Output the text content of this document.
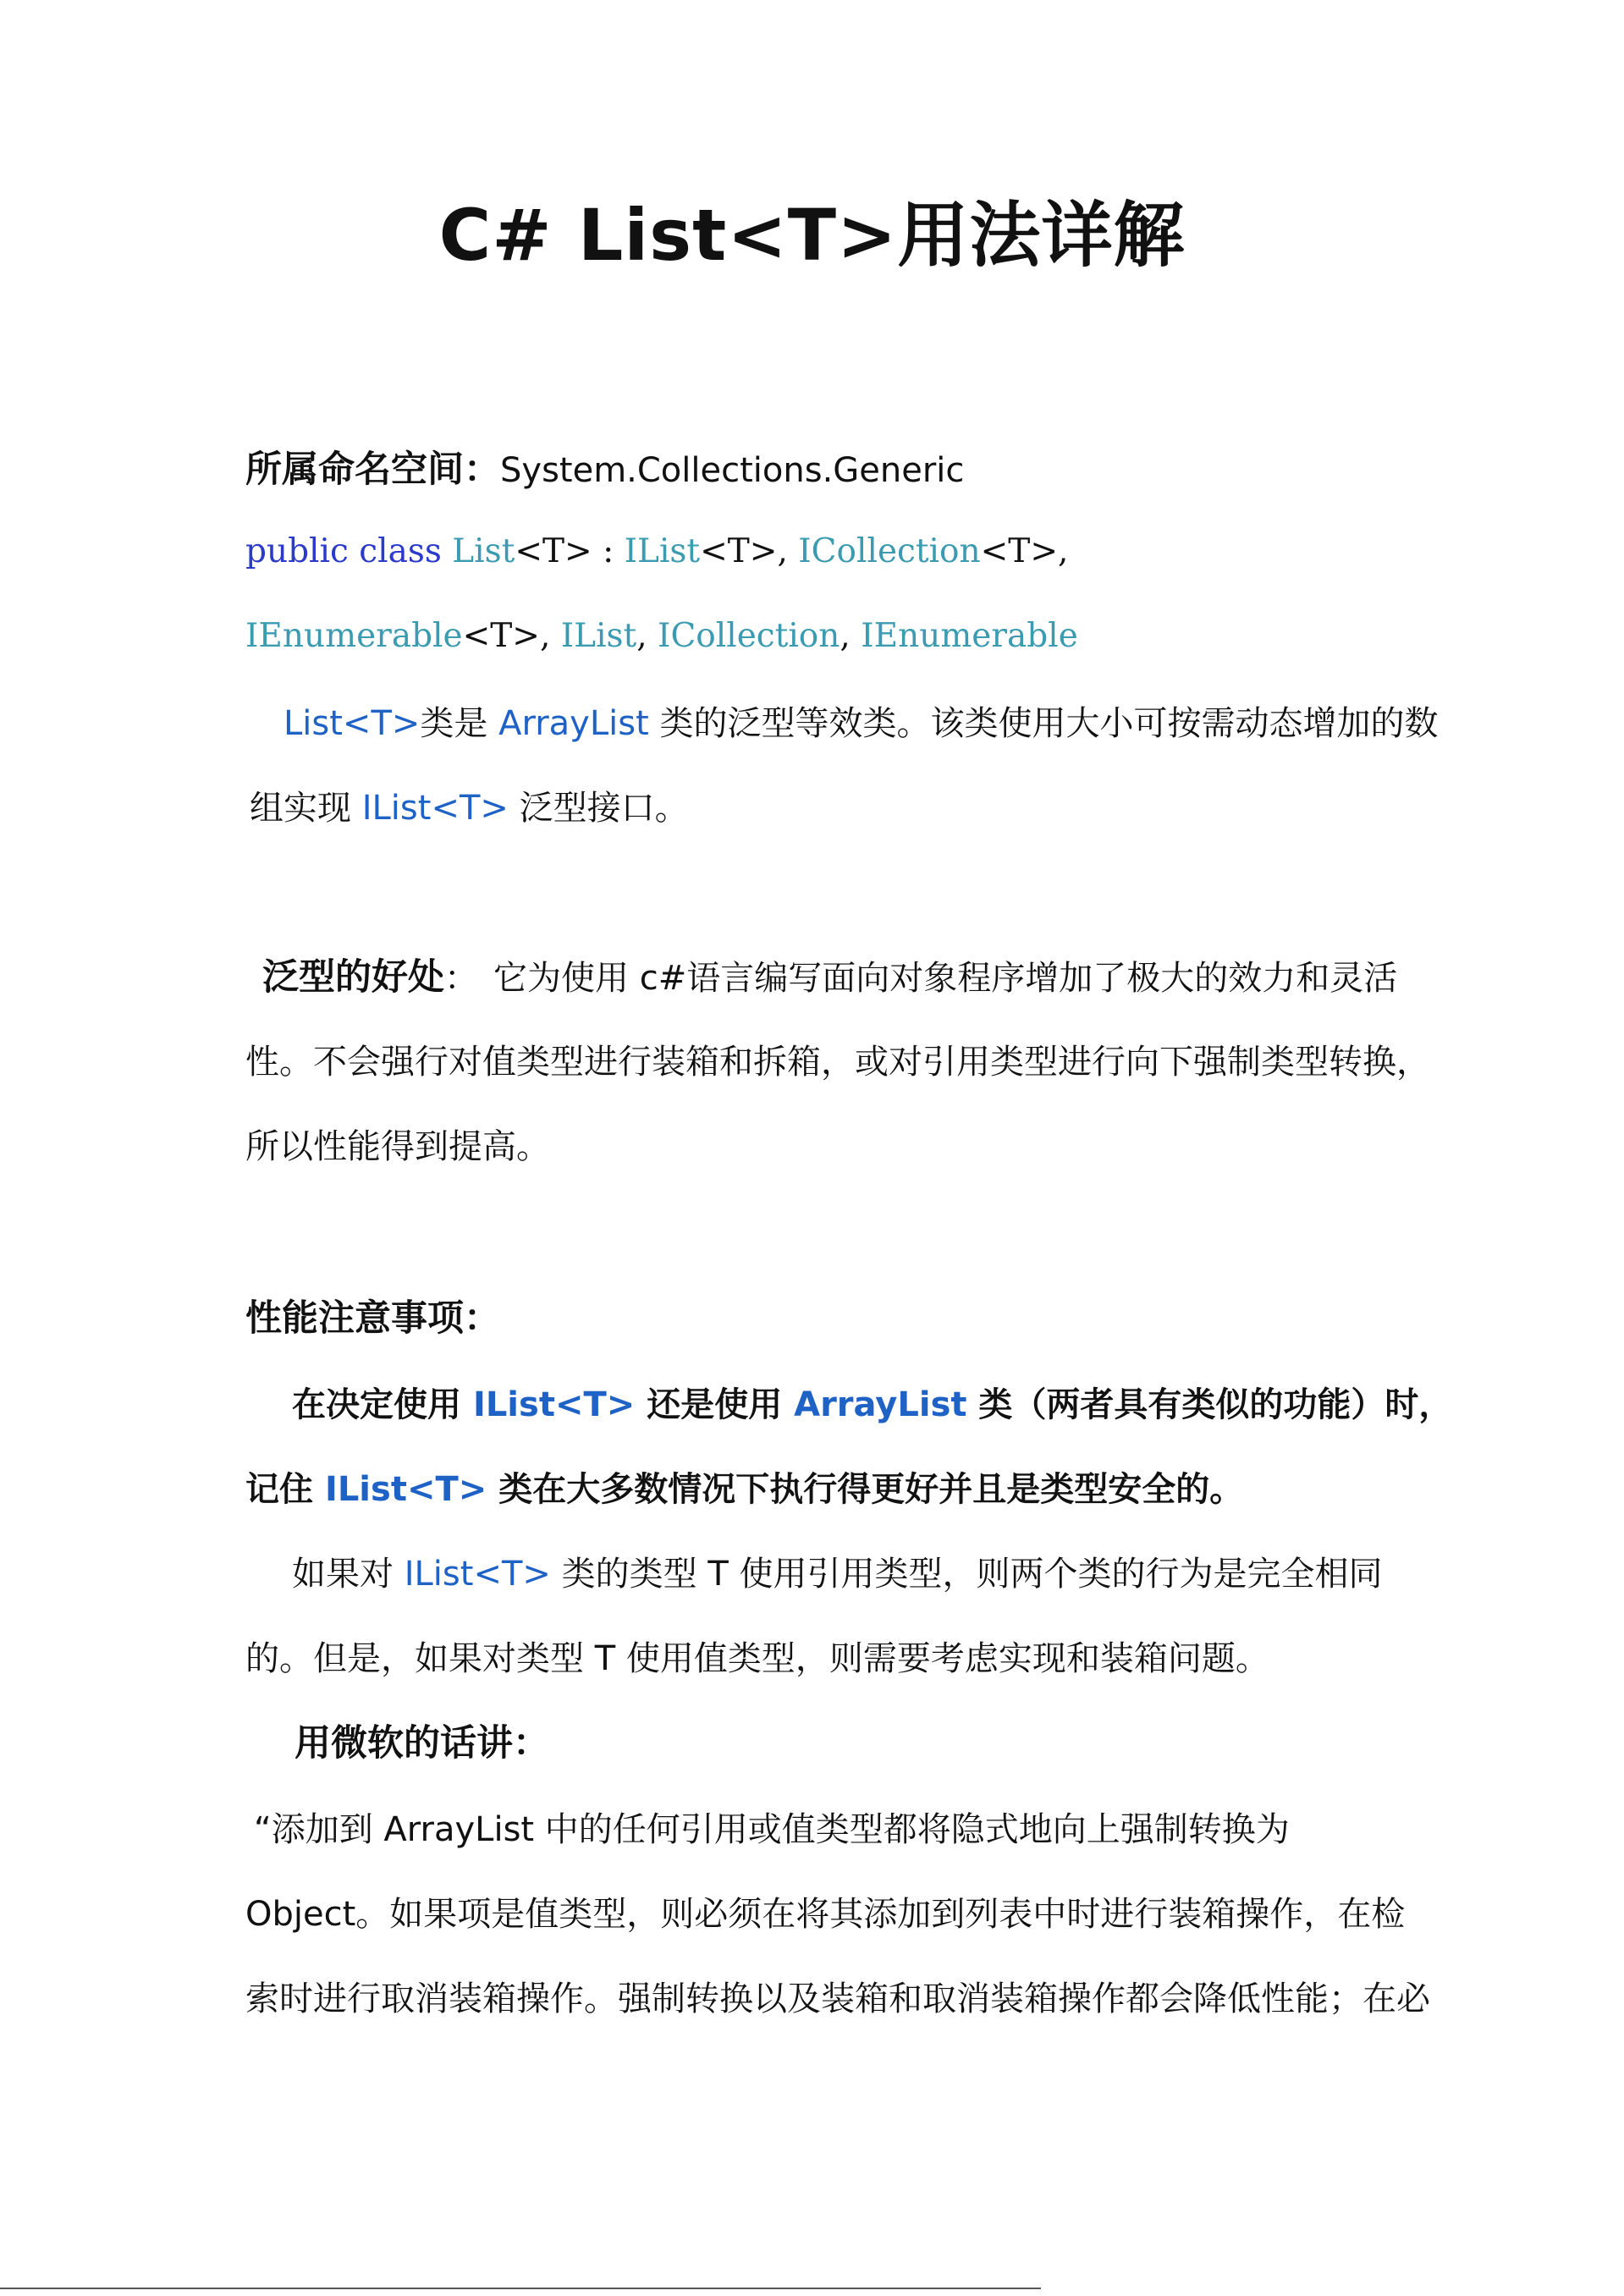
C# List<T>用法详解
所属命名空间：System.Collections.Generic
public class List<T> : IList<T>, ICollection<T>,
IEnumerable<T>, IList, ICollection, IEnumerable
List<T>类是 ArrayList 类的泛型等效类。该类使用大小可按需动态增加的数
组实现 IList<T> 泛型接口。
泛型的好处： 它为使用 c#语言编写面向对象程序增加了极大的效力和灵活
性。不会强行对值类型进行装箱和拆箱，或对引用类型进行向下强制类型转换，
所以性能得到提高。
性能注意事项：
在决定使用 IList<T> 还是使用 ArrayList 类（两者具有类似的功能）时，
记住 IList<T> 类在大多数情况下执行得更好并且是类型安全的。
如果对 IList<T> 类的类型 T 使用引用类型，则两个类的行为是完全相同
的。但是，如果对类型 T 使用值类型，则需要考虑实现和装箱问题。
用微软的话讲：
“添加到 ArrayList 中的任何引用或值类型都将隐式地向上强制转换为
Object。如果项是值类型，则必须在将其添加到列表中时进行装箱操作，在检
索时进行取消装箱操作。强制转换以及装箱和取消装箱操作都会降低性能；在必
